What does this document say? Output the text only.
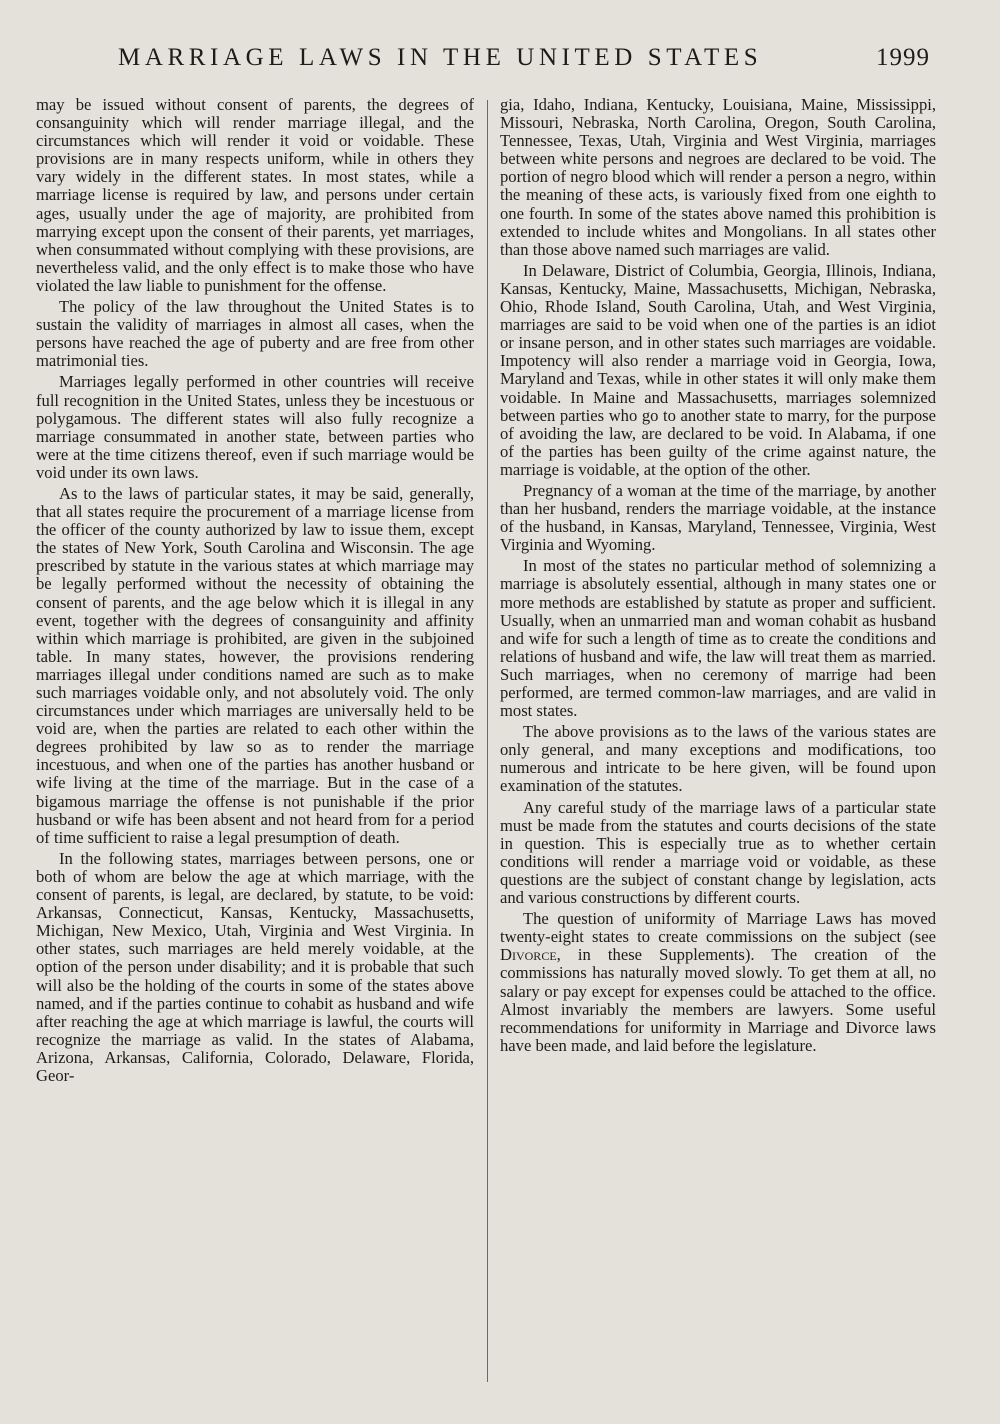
MARRIAGE LAWS IN THE UNITED STATES	1999

may be issued without consent of parents, the degrees of consanguinity which will render marriage illegal, and the circumstances which will render it void or voidable. These provisions are in many respects uniform, while in others they vary widely in the different states. In most states, while a marriage license is required by law, and persons under certain ages, usually under the age of majority, are prohibited from marrying except upon the consent of their parents, yet marriages, when consummated without complying with these provisions, are nevertheless valid, and the only effect is to make those who have violated the law liable to punishment for the offense.

The policy of the law throughout the United States is to sustain the validity of marriages in almost all cases, when the persons have reached the age of puberty and are free from other matrimonial ties.

Marriages legally performed in other countries will receive full recognition in the United States, unless they be incestuous or polygamous. The different states will also fully recognize a marriage consummated in another state, between parties who were at the time citizens thereof, even if such marriage would be void under its own laws.

As to the laws of particular states, it may be said, generally, that all states require the procurement of a marriage license from the officer of the county authorized by law to issue them, except the states of New York, South Carolina and Wisconsin. The age prescribed by statute in the various states at which marriage may be legally performed without the necessity of obtaining the consent of parents, and the age below which it is illegal in any event, together with the degrees of consanguinity and affinity within which marriage is prohibited, are given in the subjoined table. In many states, however, the provisions rendering marriages illegal under conditions named are such as to make such marriages voidable only, and not absolutely void. The only circumstances under which marriages are universally held to be void are, when the parties are related to each other within the degrees prohibited by law so as to render the marriage incestuous, and when one of the parties has another husband or wife living at the time of the marriage. But in the case of a bigamous marriage the offense is not punishable if the prior husband or wife has been absent and not heard from for a period of time sufficient to raise a legal presumption of death.

In the following states, marriages between persons, one or both of whom are below the age at which marriage, with the consent of parents, is legal, are declared, by statute, to be void: Arkansas, Connecticut, Kansas, Kentucky, Massachusetts, Michigan, New Mexico, Utah, Virginia and West Virginia. In other states, such marriages are held merely voidable, at the option of the person under disability; and it is probable that such will also be the holding of the courts in some of the states above named, and if the parties continue to cohabit as husband and wife after reaching the age at which marriage is lawful, the courts will recognize the marriage as valid. In the states of Alabama, Arizona, Arkansas, California, Colorado, Delaware, Florida, Geor-

gia, Idaho, Indiana, Kentucky, Louisiana, Maine, Mississippi, Missouri, Nebraska, North Carolina, Oregon, South Carolina, Tennessee, Texas, Utah, Virginia and West Virginia, marriages between white persons and negroes are declared to be void. The portion of negro blood which will render a person a negro, within the meaning of these acts, is variously fixed from one eighth to one fourth. In some of the states above named this prohibition is extended to include whites and Mongolians. In all states other than those above named such marriages are valid.

In Delaware, District of Columbia, Georgia, Illinois, Indiana, Kansas, Kentucky, Maine, Massachusetts, Michigan, Nebraska, Ohio, Rhode Island, South Carolina, Utah, and West Virginia, marriages are said to be void when one of the parties is an idiot or insane person, and in other states such marriages are voidable. Impotency will also render a marriage void in Georgia, Iowa, Maryland and Texas, while in other states it will only make them voidable. In Maine and Massachusetts, marriages solemnized between parties who go to another state to marry, for the purpose of avoiding the law, are declared to be void. In Alabama, if one of the parties has been guilty of the crime against nature, the marriage is voidable, at the option of the other.

Pregnancy of a woman at the time of the marriage, by another than her husband, renders the marriage voidable, at the instance of the husband, in Kansas, Maryland, Tennessee, Virginia, West Virginia and Wyoming.

In most of the states no particular method of solemnizing a marriage is absolutely essential, although in many states one or more methods are established by statute as proper and sufficient. Usually, when an unmarried man and woman cohabit as husband and wife for such a length of time as to create the conditions and relations of husband and wife, the law will treat them as married. Such marriages, when no ceremony of marrige had been performed, are termed common-law marriages, and are valid in most states.

The above provisions as to the laws of the various states are only general, and many exceptions and modifications, too numerous and intricate to be here given, will be found upon examination of the statutes.

Any careful study of the marriage laws of a particular state must be made from the statutes and courts decisions of the state in question. This is especially true as to whether certain conditions will render a marriage void or voidable, as these questions are the subject of constant change by legislation, acts and various constructions by different courts.

The question of uniformity of Marriage Laws has moved twenty-eight states to create commissions on the subject (see Divorce, in these Supplements). The creation of the commissions has naturally moved slowly. To get them at all, no salary or pay except for expenses could be attached to the office. Almost invariably the members are lawyers. Some useful recommendations for uniformity in Marriage and Divorce laws have been made, and laid before the legislature.
